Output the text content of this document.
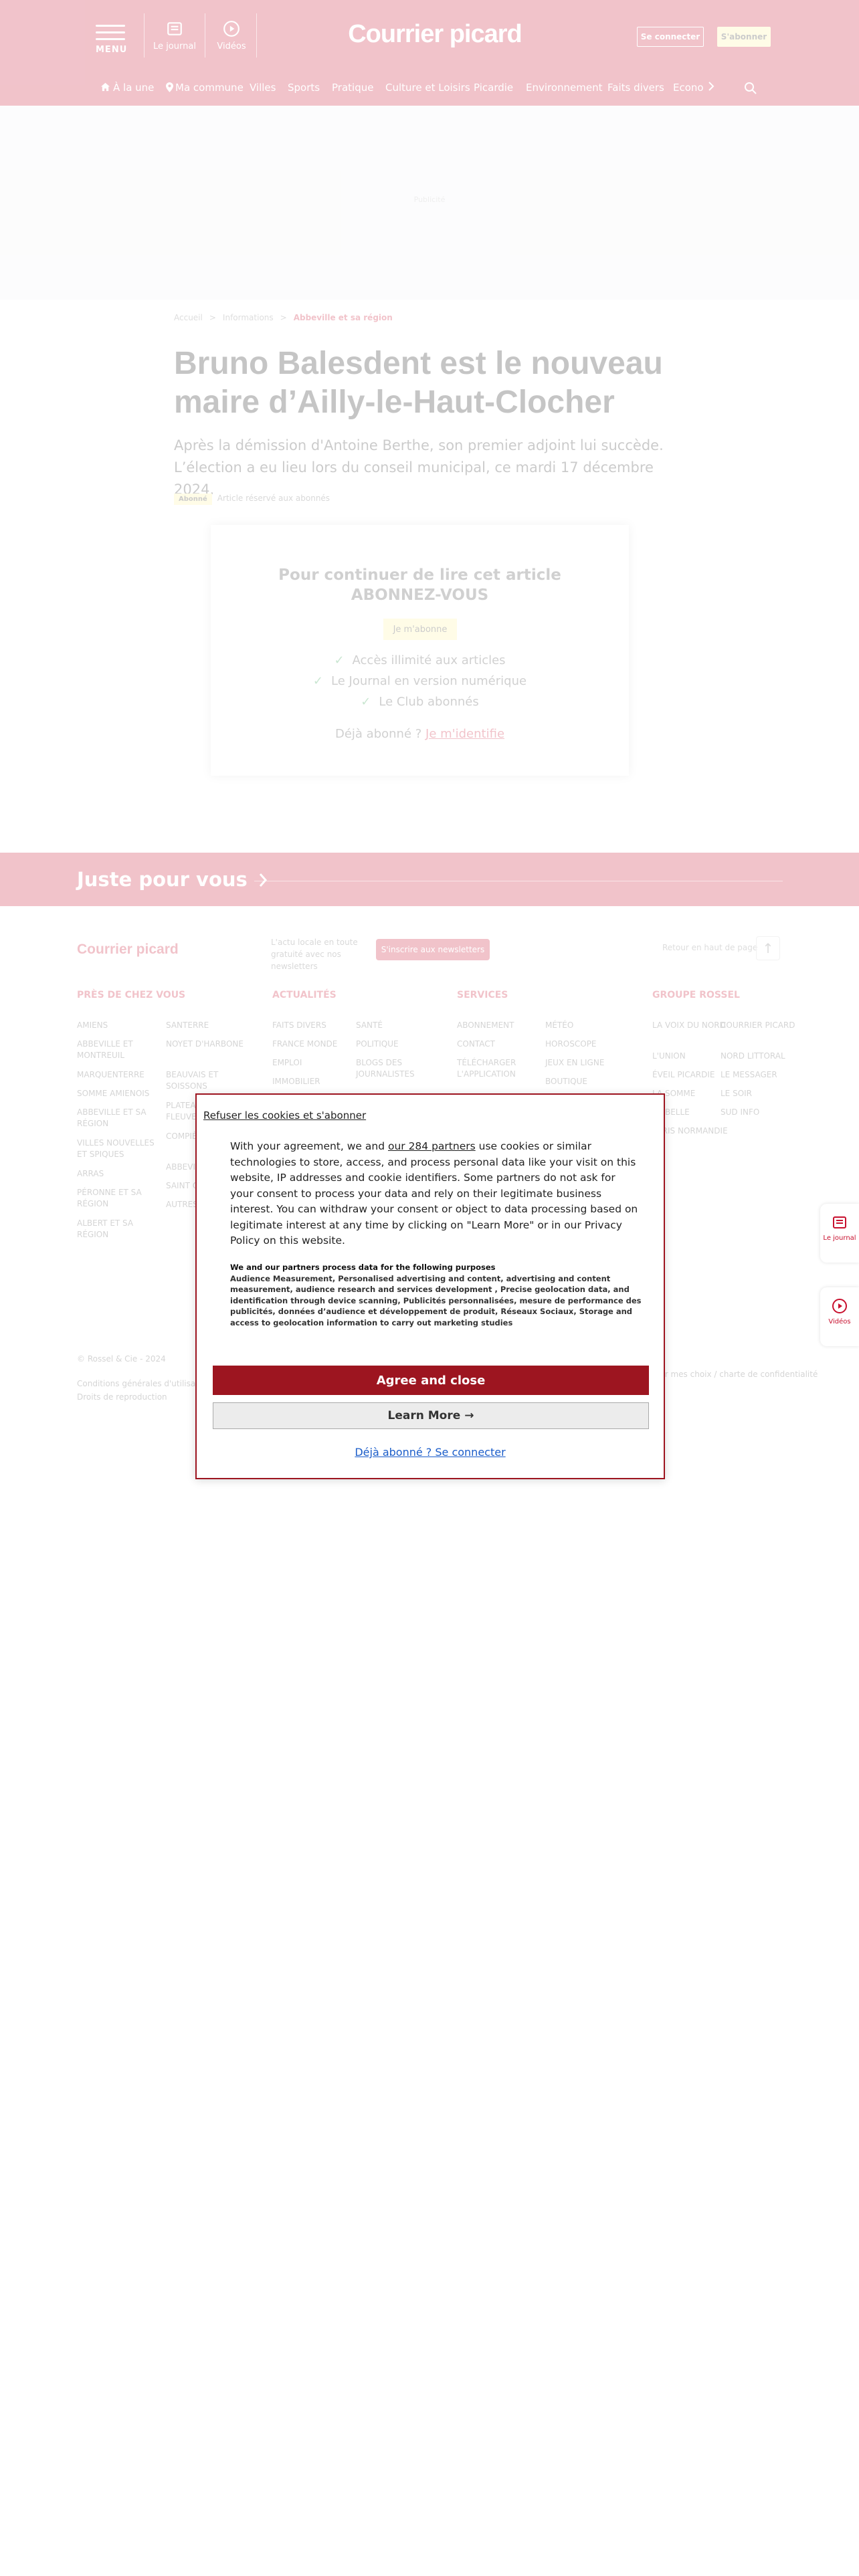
Le journal
Vidéos
Refuser les cookies et s'abonner
With your agreement, we and our 284 partners use cookies or similar technologies to store, access, and process personal data like your visit on this website, IP addresses and cookie identifiers. Some partners do not ask for your consent to process your data and rely on their legitimate business interest. You can withdraw your consent or object to data processing based on legitimate interest at any time by clicking on "Learn More" or in our Privacy Policy on this website.
We and our partners process data for the following purposes
Audience Measurement, Personalised advertising and content, advertising and content measurement, audience research and services development , Precise geolocation data, and identification through device scanning, Publicités personnalisées, mesure de performance des publicités, données d’audience et développement de produit, Réseaux Sociaux, Storage and access to geolocation information to carry out marketing studies
Agree and close
Learn More →
Déjà abonné ? Se connecter
